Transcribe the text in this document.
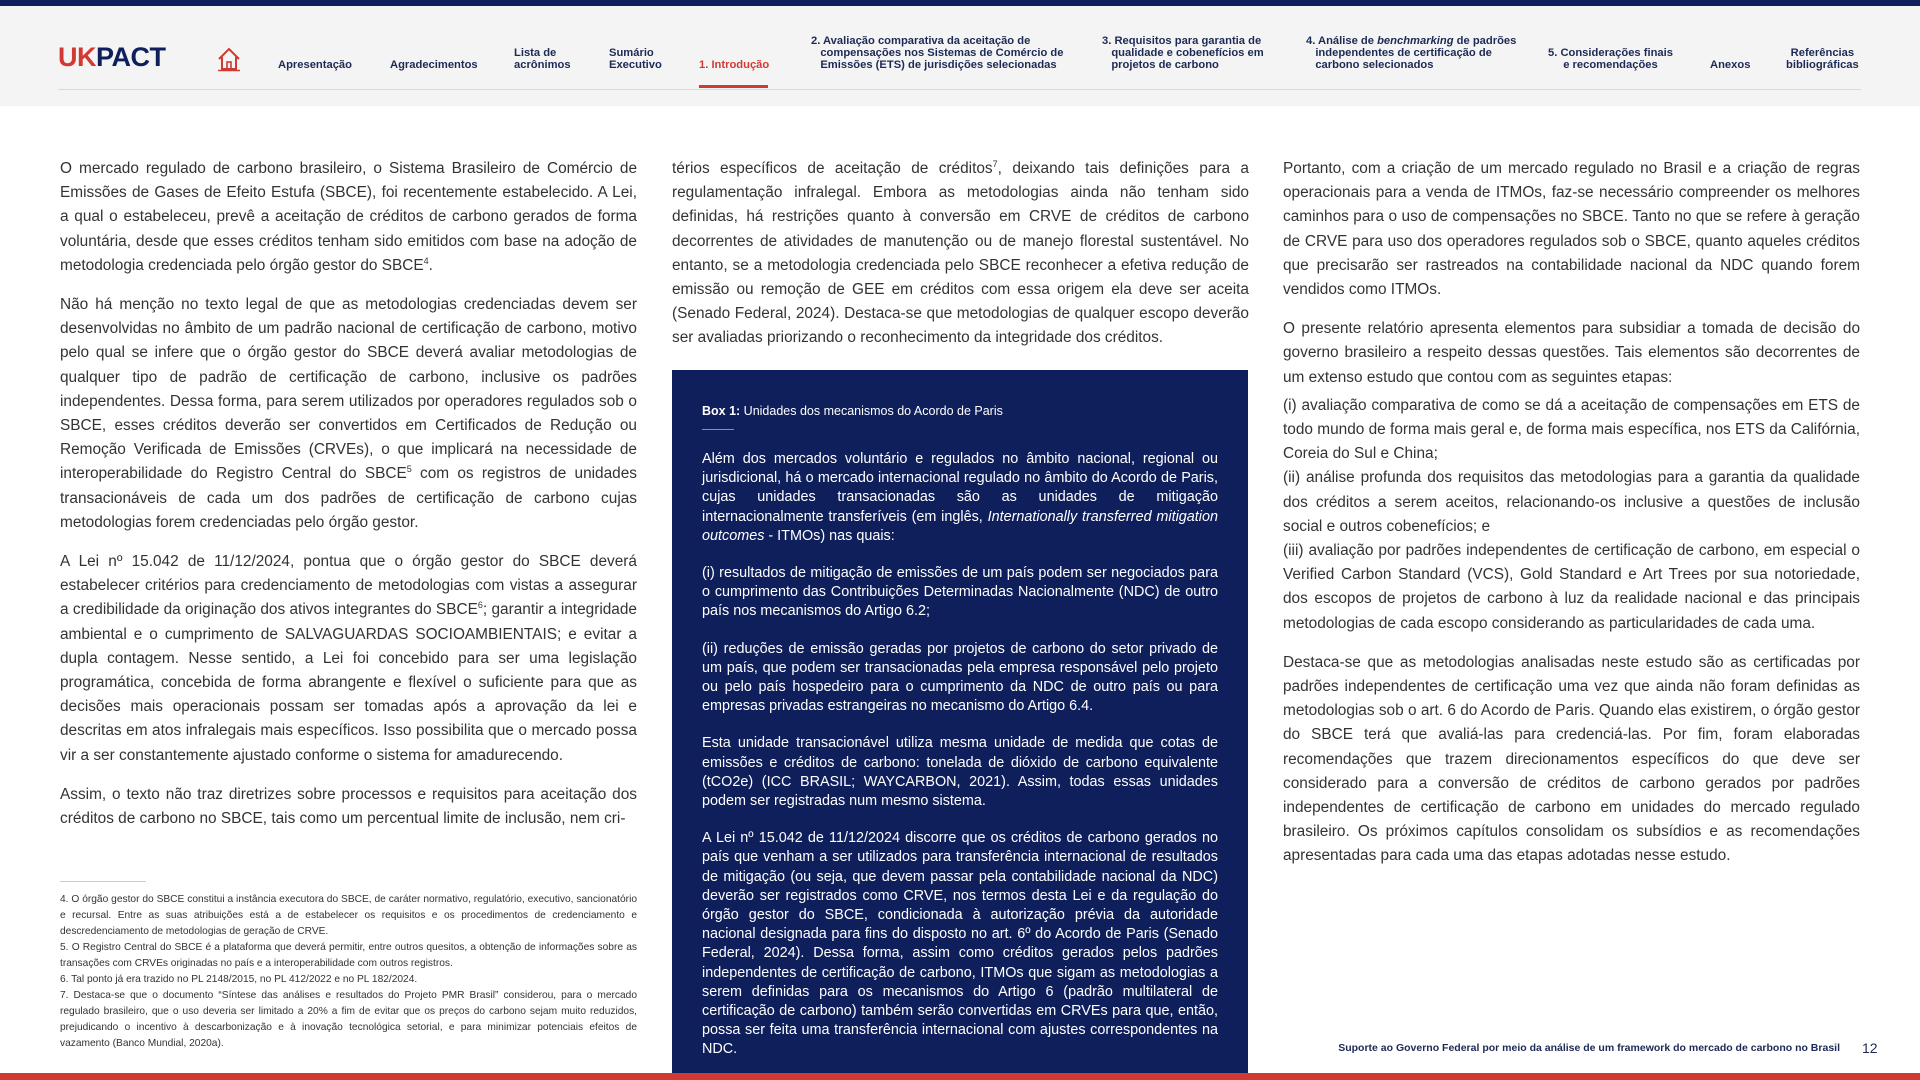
UKPACT	Apresentação	Agradecimentos
Lista de
acrônimos
Sumário
Executivo	1. Introdução
2. Avaliação comparativa da aceitação de
compensações nos Sistemas de Comércio de
Emissões (ETS) de jurisdições selecionadas
3. Requisitos para garantia de
qualidade e cobenefícios em
projetos de carbono
4. Análise de benchmarking de padrões
independentes de certificação de
carbono selecionados
5. Considerações finais
e recomendações	Anexos
Referências
bibliográficas

O mercado regulado de carbono brasileiro, o Sistema Brasileiro de Comércio de Emissões de Gases de Efeito Estufa (SBCE), foi recentemente estabelecido. A Lei, a qual o estabeleceu, prevê a aceitação de créditos de carbono gerados de forma voluntária, desde que esses créditos tenham sido emitidos com base na adoção de metodologia credenciada pelo órgão gestor do SBCE$^4$.

Não há menção no texto legal de que as metodologias credenciadas devem ser desenvolvidas no âmbito de um padrão nacional de certificação de carbono, motivo pelo qual se infere que o órgão gestor do SBCE deverá avaliar metodologias de qualquer tipo de padrão de certificação de carbono, inclusive os padrões independentes. Dessa forma, para serem utilizados por operadores regulados sob o SBCE, esses créditos deverão ser convertidos em Certificados de Redução ou Remoção Verificada de Emissões (CRVEs), o que implicará na necessidade de interoperabilidade do Registro Central do SBCE$^5$ com os registros de unidades transacionáveis de cada um dos padrões de certificação de carbono cujas metodologias forem credenciadas pelo órgão gestor.

A Lei nº 15.042 de 11/12/2024, pontua que o órgão gestor do SBCE deverá estabelecer critérios para credenciamento de metodologias com vistas a assegurar a credibilidade da originação dos ativos integrantes do SBCE$^6$; garantir a integridade ambiental e o cumprimento de SALVAGUARDAS SOCIOAMBIENTAIS; e evitar a dupla contagem. Nesse sentido, a Lei foi concebido para ser uma legislação programática, concebida de forma abrangente e flexível o suficiente para que as decisões mais operacionais possam ser tomadas após a aprovação da lei e descritas em atos infralegais mais específicos. Isso possibilita que o mercado possa vir a ser constantemente ajustado conforme o sistema for amadurecendo.

Assim, o texto não traz diretrizes sobre processos e requisitos para aceitação dos créditos de carbono no SBCE, tais como um percentual limite de inclusão, nem cri-

4. O órgão gestor do SBCE constitui a instância executora do SBCE, de caráter normativo, regulatório, executivo, sancionatório e recursal. Entre as suas atribuições está a de estabelecer os requisitos e os procedimentos de credenciamento e descredenciamento de metodologias de geração de CRVE.

5. O Registro Central do SBCE é a plataforma que deverá permitir, entre outros quesitos, a obtenção de informações sobre as transações com CRVEs originadas no país e a interoperabilidade com outros registros.

6. Tal ponto já era trazido no PL 2148/2015, no PL 412/2022 e no PL 182/2024.

7. Destaca-se que o documento “Síntese das análises e resultados do Projeto PMR Brasil” considerou, para o mercado regulado brasileiro, que o uso deveria ser limitado a 20% a fim de evitar que os preços do carbono sejam muito reduzidos, prejudicando o incentivo à descarbonização e à inovação tecnológica setorial, e para minimizar potenciais efeitos de vazamento (Banco Mundial, 2020a).

térios específicos de aceitação de créditos$^7$, deixando tais definições para a regulamentação infralegal. Embora as metodologias ainda não tenham sido definidas, há restrições quanto à conversão em CRVE de créditos de carbono decorrentes de atividades de manutenção ou de manejo florestal sustentável. No entanto, se a metodologia credenciada pelo SBCE reconhecer a efetiva redução de emissão ou remoção de GEE em créditos com essa origem ela deve ser aceita (Senado Federal, 2024). Destaca-se que metodologias de qualquer escopo deverão ser avaliadas priorizando o reconhecimento da integridade dos créditos.

Box 1: Unidades dos mecanismos do Acordo de Paris

Além dos mercados voluntário e regulados no âmbito nacional, regional ou jurisdicional, há o mercado internacional regulado no âmbito do Acordo de Paris, cujas unidades transacionadas são as unidades de mitigação internacionalmente transferíveis (em inglês, Internationally transferred mitigation outcomes - ITMOs) nas quais:

(i) resultados de mitigação de emissões de um país podem ser negociados para o cumprimento das Contribuições Determinadas Nacionalmente (NDC) de outro país nos mecanismos do Artigo 6.2;

(ii) reduções de emissão geradas por projetos de carbono do setor privado de um país, que podem ser transacionadas pela empresa responsável pelo projeto ou pelo país hospedeiro para o cumprimento da NDC de outro país ou para empresas privadas estrangeiras no mecanismo do Artigo 6.4.

Esta unidade transacionável utiliza mesma unidade de medida que cotas de emissões e créditos de carbono: tonelada de dióxido de carbono equivalente (tCO2e) (ICC BRASIL; WAYCARBON, 2021). Assim, todas essas unidades podem ser registradas num mesmo sistema.

A Lei nº 15.042 de 11/12/2024 discorre que os créditos de carbono gerados no país que venham a ser utilizados para transferência internacional de resultados de mitigação (ou seja, que devem passar pela contabilidade nacional da NDC) deverão ser registrados como CRVE, nos termos desta Lei e da regulação do órgão gestor do SBCE, condicionada à autorização prévia da autoridade nacional designada para fins do disposto no art. 6º do Acordo de Paris (Senado Federal, 2024). Dessa forma, assim como créditos gerados pelos padrões independentes de certificação de carbono, ITMOs que sigam as metodologias a serem definidas para os mecanismos do Artigo 6 (padrão multilateral de certificação de carbono) também serão convertidas em CRVEs para que, então, possa ser feita uma transferência internacional com ajustes correspondentes na NDC.

Portanto, com a criação de um mercado regulado no Brasil e a criação de regras operacionais para a venda de ITMOs, faz-se necessário compreender os melhores caminhos para o uso de compensações no SBCE. Tanto no que se refere à geração de CRVE para uso dos operadores regulados sob o SBCE, quanto aqueles créditos que precisarão ser rastreados na contabilidade nacional da NDC quando forem vendidos como ITMOs.

O presente relatório apresenta elementos para subsidiar a tomada de decisão do governo brasileiro a respeito dessas questões. Tais elementos são decorrentes de um extenso estudo que contou com as seguintes etapas:

(i) avaliação comparativa de como se dá a aceitação de compensações em ETS de todo mundo de forma mais geral e, de forma mais específica, nos ETS da Califórnia, Coreia do Sul e China;

(ii) análise profunda dos requisitos das metodologias para a garantia da qualidade dos créditos a serem aceitos, relacionando-os inclusive a questões de inclusão social e outros cobenefícios; e

(iii) avaliação por padrões independentes de certificação de carbono, em especial o Verified Carbon Standard (VCS), Gold Standard e Art Trees por sua notoriedade, dos escopos de projetos de carbono à luz da realidade nacional e das principais metodologias de cada escopo considerando as particularidades de cada uma.

Destaca-se que as metodologias analisadas neste estudo são as certificadas por padrões independentes de certificação uma vez que ainda não foram definidas as metodologias sob o art. 6 do Acordo de Paris. Quando elas existirem, o órgão gestor do SBCE terá que avaliá-las para credenciá-las. Por fim, foram elaboradas recomendações que trazem direcionamentos específicos do que deve ser considerado para a conversão de créditos de carbono gerados por padrões independentes de certificação de carbono em unidades do mercado regulado brasileiro. Os próximos capítulos consolidam os subsídios e as recomendações apresentadas para cada uma das etapas adotadas nesse estudo.

Suporte ao Governo Federal por meio da análise de um framework do mercado de carbono no Brasil 12
